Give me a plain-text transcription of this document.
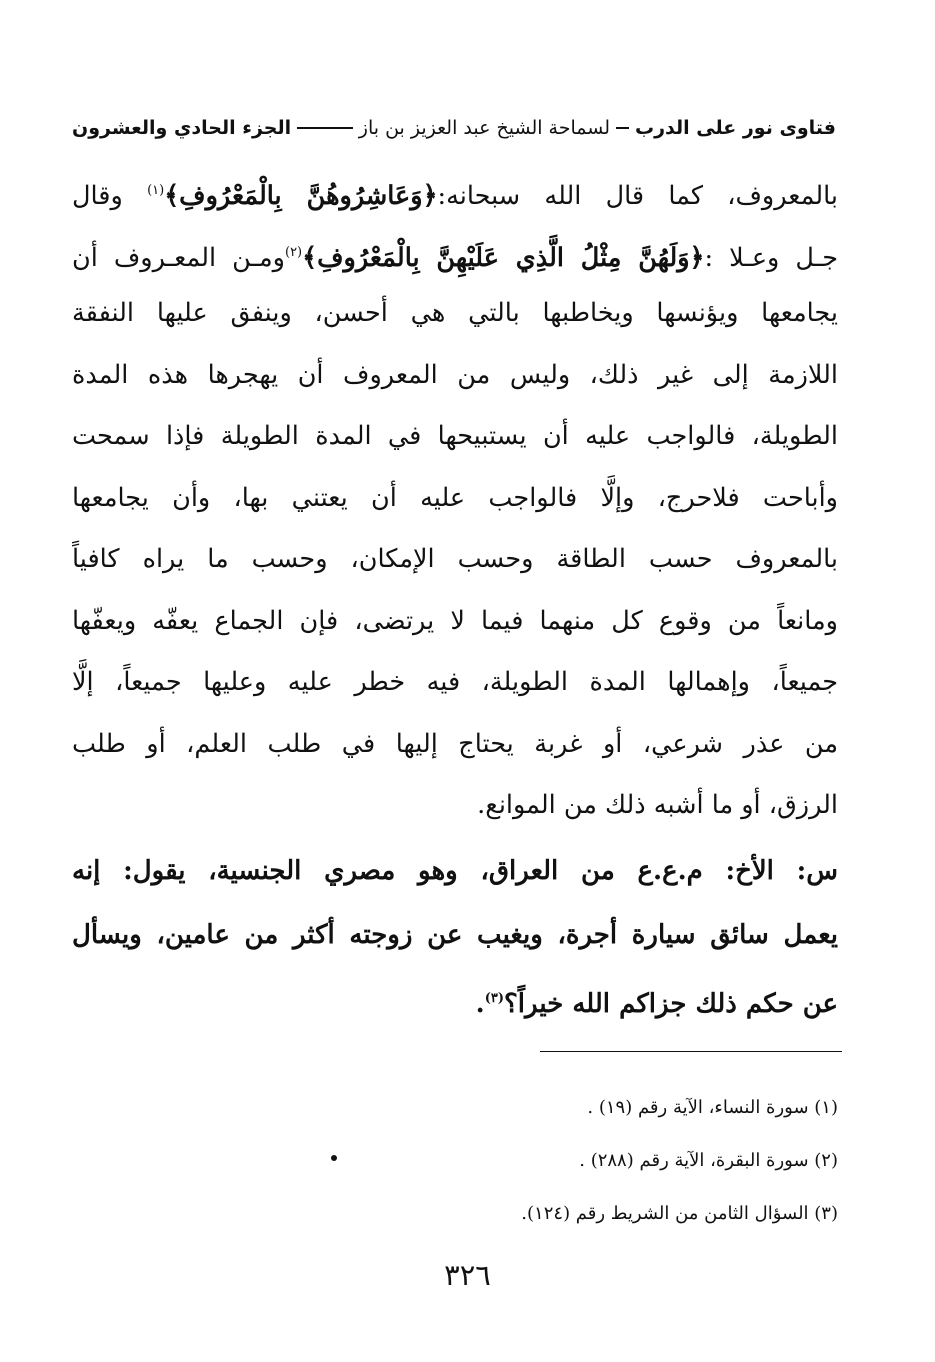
فتاوى نور على الدرب
لسماحة الشيخ عبد العزيز بن باز
الجزء الحادي والعشرون
بالمعروف، كما قال الله سبحانه:﴿وَعَاشِرُوهُنَّ بِالْمَعْرُوفِ﴾$^{(١)}$ وقال
جـل وعـلا :﴿وَلَهُنَّ مِثْلُ الَّذِي عَلَيْهِنَّ بِالْمَعْرُوفِ﴾$^{(٢)}$ومـن المعـروف أن
يجامعها ويؤنسها ويخاطبها بالتي هي أحسن، وينفق عليها النفقة
اللازمة إلى غير ذلك، وليس من المعروف أن يهجرها هذه المدة
الطويلة، فالواجب عليه أن يستبيحها في المدة الطويلة فإذا سمحت
وأباحت فلاحرج، وإلَّا فالواجب عليه أن يعتني بها، وأن يجامعها
بالمعروف حسب الطاقة وحسب الإمكان، وحسب ما يراه كافياً
ومانعاً من وقوع كل منهما فيما لا يرتضى، فإن الجماع يعفّه ويعفّها
جميعاً، وإهمالها المدة الطويلة، فيه خطر عليه وعليها جميعاً، إلَّا
من عذر شرعي، أو غربة يحتاج إليها في طلب العلم، أو طلب
الرزق، أو ما أشبه ذلك من الموانع.
س: الأخ: م.ع.ع من العراق، وهو مصري الجنسية، يقول: إنه
يعمل سائق سيارة أجرة، ويغيب عن زوجته أكثر من عامين، ويسأل
عن حكم ذلك جزاكم الله خيراً؟$^{(٣)}$.
(١) سورة النساء، الآية رقم (١٩) .
(٢) سورة البقرة، الآية رقم (٢٨٨) .
(٣) السؤال الثامن من الشريط رقم (١٢٤).
٣٢٦
